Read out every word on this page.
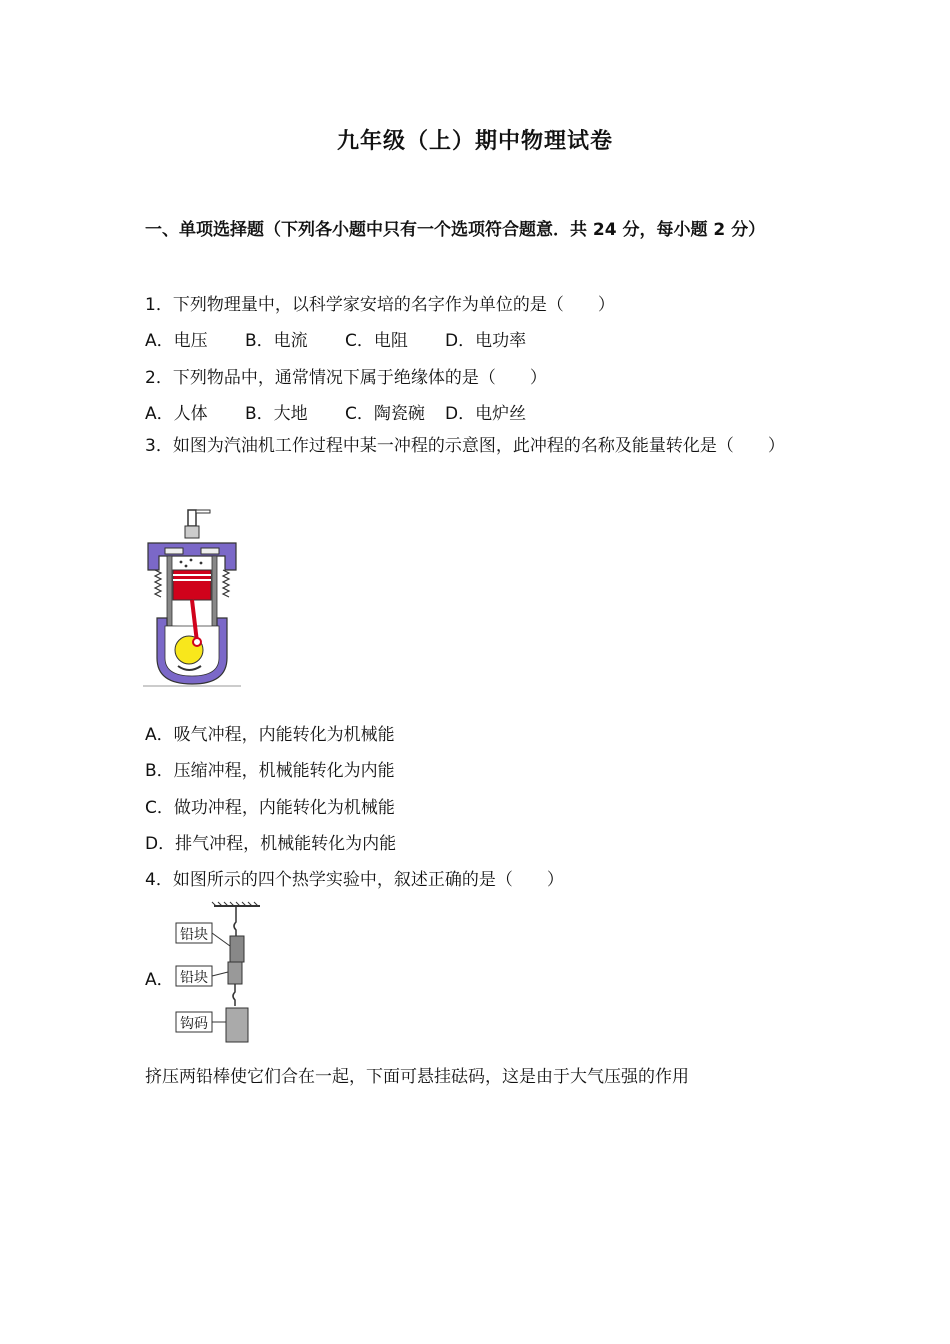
九年级（上）期中物理试卷
一、单项选择题（下列各小题中只有一个选项符合题意．共 24 分，每小题 2 分）
1．下列物理量中，以科学家安培的名字作为单位的是（　　）
A．电压 B．电流 C．电阻 D．电功率
2．下列物品中，通常情况下属于绝缘体的是（　　）
A．人体 B．大地 C．陶瓷碗 D．电炉丝
3．如图为汽油机工作过程中某一冲程的示意图，此冲程的名称及能量转化是（　　）
A．吸气冲程，内能转化为机械能
B．压缩冲程，机械能转化为内能
C．做功冲程，内能转化为机械能
D．排气冲程，机械能转化为内能
4．如图所示的四个热学实验中，叙述正确的是（　　）
A．
铅块
铅块
钩码
挤压两铅棒使它们合在一起，下面可悬挂砝码，这是由于大气压强的作用
